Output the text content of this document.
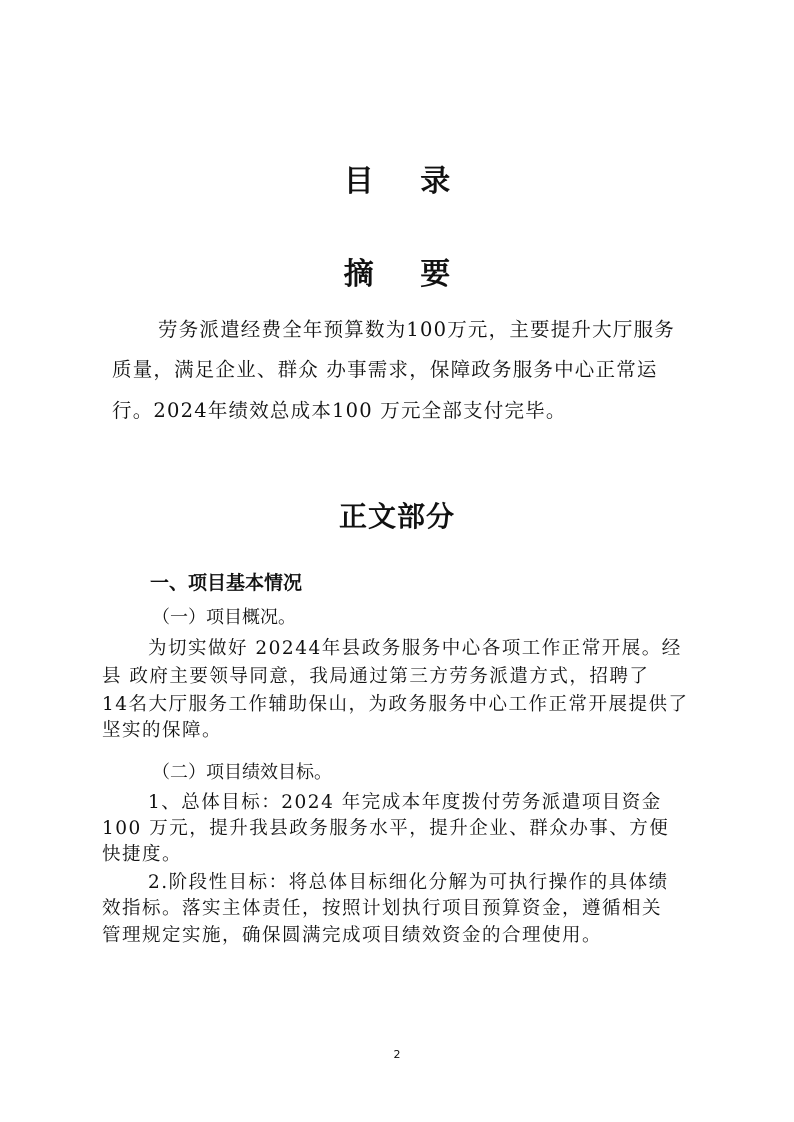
目 录
摘 要

劳务派遣经费全年预算数为100万元，主要提升大厅服务

质量，满足企业、群众 办事需求，保障政务服务中心正常运

行。2024年绩效总成本100 万元全部支付完毕。

正文部分
一、项目基本情况

（一）项目概况。

为切实做好 20244年县政务服务中心各项工作正常开展。经

县 政府主要领导同意，我局通过第三方劳务派遣方式，招聘了

14名大厅服务工作辅助保山，为政务服务中心工作正常开展提供了

坚实的保障。

（二）项目绩效目标。

1、总体目标：2024 年完成本年度拨付劳务派遣项目资金

100 万元，提升我县政务服务水平，提升企业、群众办事、方便

快捷度。

2.阶段性目标：将总体目标细化分解为可执行操作的具体绩

效指标。落实主体责任，按照计划执行项目预算资金，遵循相关

管理规定实施，确保圆满完成项目绩效资金的合理使用。

2
